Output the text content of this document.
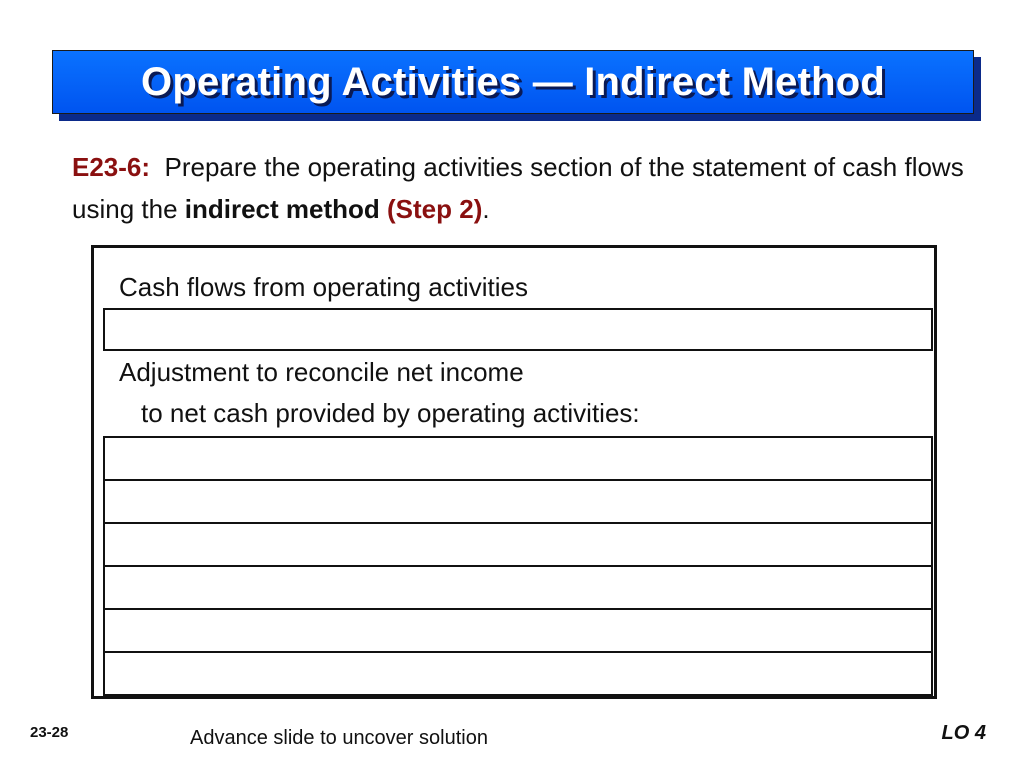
Operating Activities — Indirect Method
E23-6: Prepare the operating activities section of the statement of cash flows using the indirect method (Step 2).
Cash flows from operating activities
Adjustment to reconcile net income
to net cash provided by operating activities:
23-28	Advance slide to uncover solution	LO 4
